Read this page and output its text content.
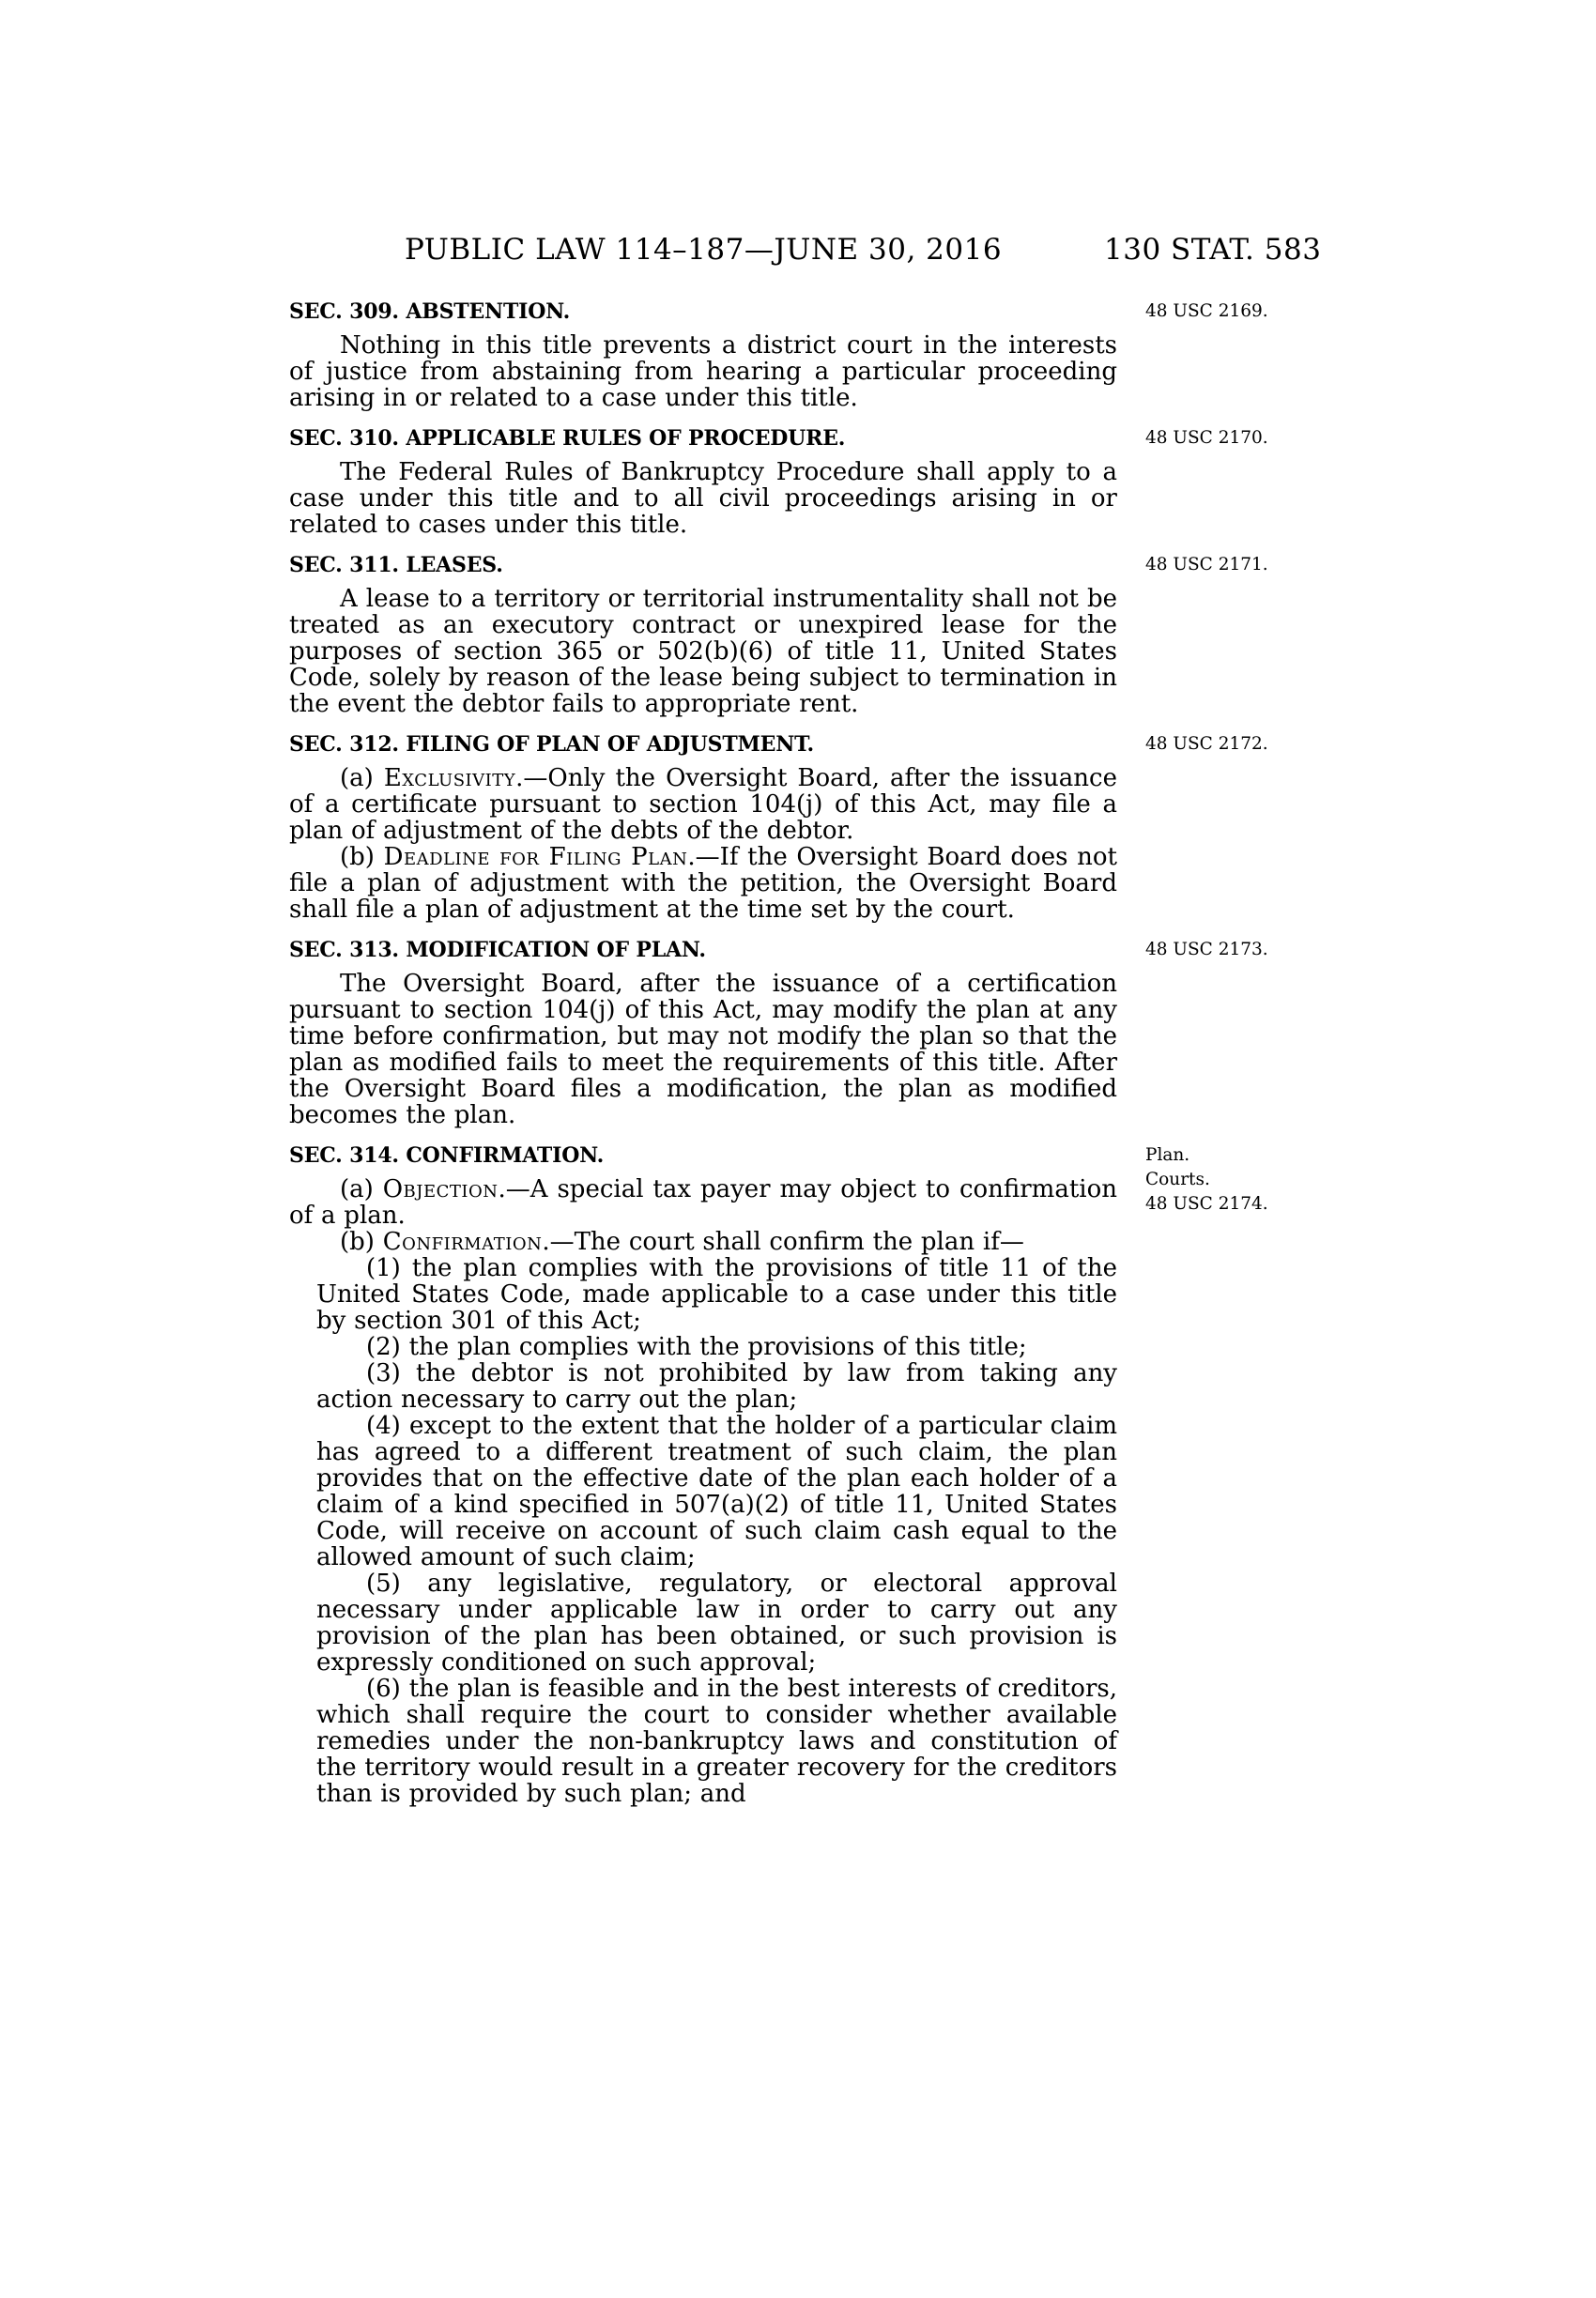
PUBLIC LAW 114–187—JUNE 30, 2016	130 STAT. 583
SEC. 309. ABSTENTION.	48 USC 2169.

Nothing in this title prevents a district court in the interests of justice from abstaining from hearing a particular proceeding arising in or related to a case under this title.

SEC. 310. APPLICABLE RULES OF PROCEDURE.	48 USC 2170.

The Federal Rules of Bankruptcy Procedure shall apply to a case under this title and to all civil proceedings arising in or related to cases under this title.

SEC. 311. LEASES.	48 USC 2171.

A lease to a territory or territorial instrumentality shall not be treated as an executory contract or unexpired lease for the purposes of section 365 or 502(b)(6) of title 11, United States Code, solely by reason of the lease being subject to termination in the event the debtor fails to appropriate rent.

SEC. 312. FILING OF PLAN OF ADJUSTMENT.	48 USC 2172.

(a) Exclusivity.—Only the Oversight Board, after the issuance of a certificate pursuant to section 104(j) of this Act, may file a plan of adjustment of the debts of the debtor.

(b) Deadline for Filing Plan.—If the Oversight Board does not file a plan of adjustment with the petition, the Oversight Board shall file a plan of adjustment at the time set by the court.

SEC. 313. MODIFICATION OF PLAN.	48 USC 2173.

The Oversight Board, after the issuance of a certification pursuant to section 104(j) of this Act, may modify the plan at any time before confirmation, but may not modify the plan so that the plan as modified fails to meet the requirements of this title. After the Oversight Board files a modification, the plan as modified becomes the plan.

SEC. 314. CONFIRMATION.	Plan.
Courts.
48 USC 2174.

(a) Objection.—A special tax payer may object to confirmation of a plan.

(b) Confirmation.—The court shall confirm the plan if—

(1) the plan complies with the provisions of title 11 of the United States Code, made applicable to a case under this title by section 301 of this Act;

(2) the plan complies with the provisions of this title;

(3) the debtor is not prohibited by law from taking any action necessary to carry out the plan;

(4) except to the extent that the holder of a particular claim has agreed to a different treatment of such claim, the plan provides that on the effective date of the plan each holder of a claim of a kind specified in 507(a)(2) of title 11, United States Code, will receive on account of such claim cash equal to the allowed amount of such claim;

(5) any legislative, regulatory, or electoral approval necessary under applicable law in order to carry out any provision of the plan has been obtained, or such provision is expressly conditioned on such approval;

(6) the plan is feasible and in the best interests of creditors, which shall require the court to consider whether available remedies under the non-bankruptcy laws and constitution of the territory would result in a greater recovery for the creditors than is provided by such plan; and
